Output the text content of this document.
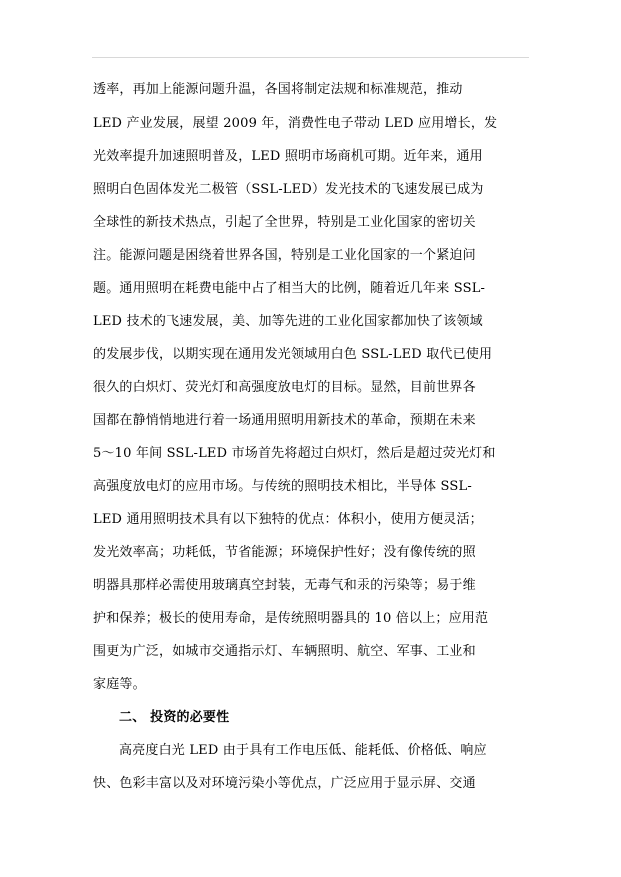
透率，再加上能源问题升温，各国将制定法规和标准规范，推动
LED 产业发展，展望 2009 年，消费性电子带动 LED 应用增长，发
光效率提升加速照明普及，LED 照明市场商机可期。近年来，通用
照明白色固体发光二极管（SSL-LED）发光技术的飞速发展已成为
全球性的新技术热点，引起了全世界，特别是工业化国家的密切关
注。能源问题是困绕着世界各国，特别是工业化国家的一个紧迫问
题。通用照明在耗费电能中占了相当大的比例，随着近几年来 SSL-
LED 技术的飞速发展，美、加等先进的工业化国家都加快了该领域
的发展步伐，以期实现在通用发光领域用白色 SSL-LED 取代已使用
很久的白炽灯、荧光灯和高强度放电灯的目标。显然，目前世界各
国都在静悄悄地进行着一场通用照明用新技术的革命，预期在未来
5～10 年间 SSL-LED 市场首先将超过白炽灯，然后是超过荧光灯和
高强度放电灯的应用市场。与传统的照明技术相比，半导体 SSL-
LED 通用照明技术具有以下独特的优点：体积小，使用方便灵活；
发光效率高；功耗低，节省能源；环境保护性好；没有像传统的照
明器具那样必需使用玻璃真空封装，无毒气和汞的污染等；易于维
护和保养；极长的使用寿命，是传统照明器具的 10 倍以上；应用范
围更为广泛，如城市交通指示灯、车辆照明、航空、军事、工业和
家庭等。
二、 投资的必要性
高亮度白光 LED 由于具有工作电压低、能耗低、价格低、响应
快、色彩丰富以及对环境污染小等优点，广泛应用于显示屏、交通
